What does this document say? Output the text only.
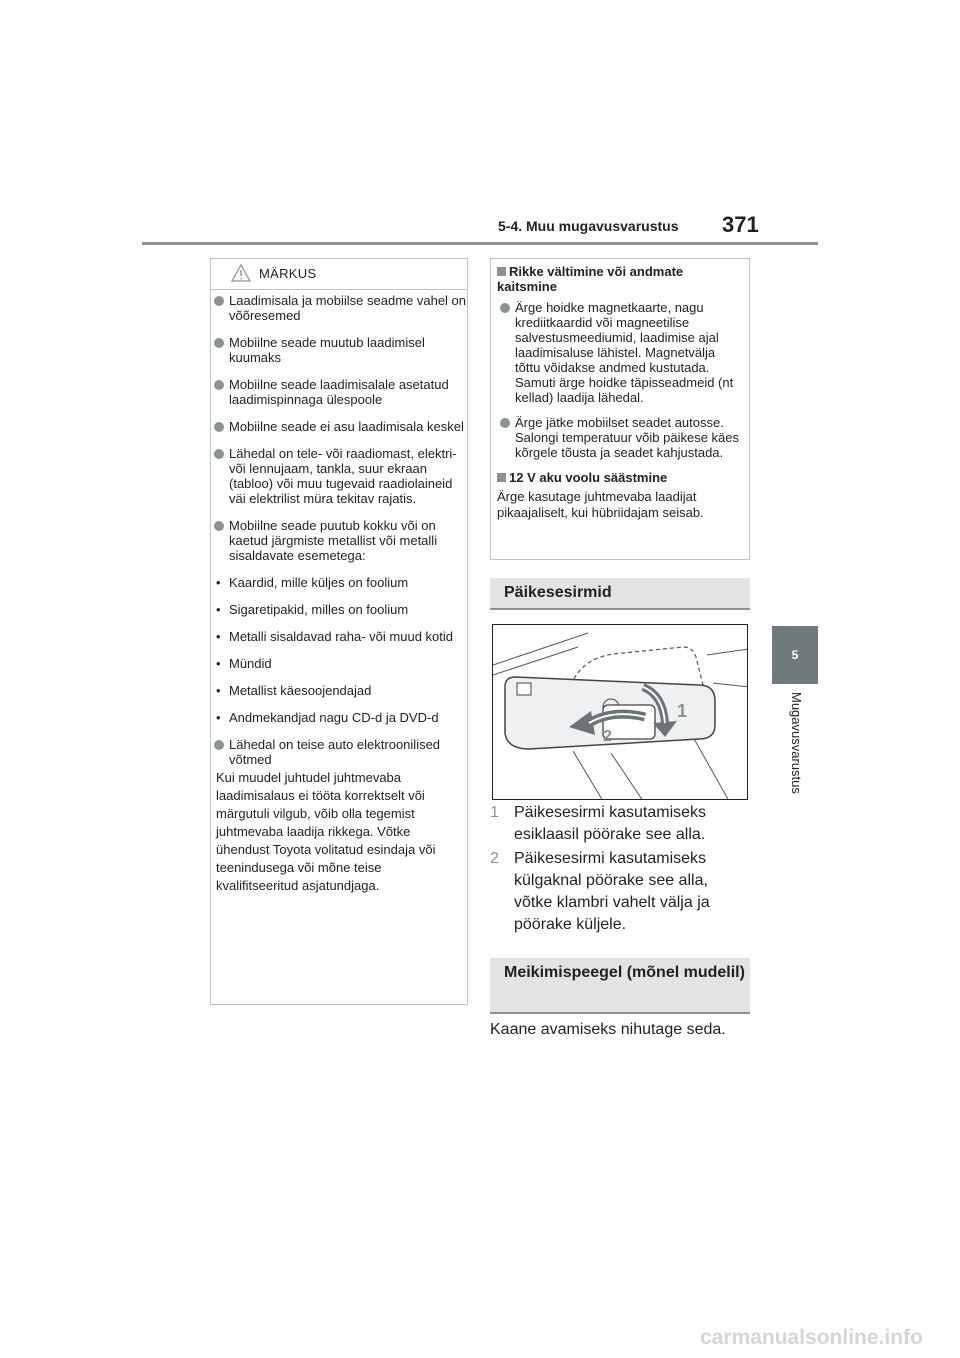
5-4. Muu mugavusvarustus 371
5
Mugavusvarustus
MÄRKUS
Laadimisala ja mobiilse seadme vahel on võõresemed
Mobiilne seade muutub laadimisel kuumaks
Mobiilne seade laadimisalale asetatud laadimispinnaga ülespoole
Mobiilne seade ei asu laadimisala keskel
Lähedal on tele- või raadiomast, elektri- või lennujaam, tankla, suur ekraan (tabloo) või muu tugevaid raadiolaineid väi elektrilist müra tekitav rajatis.
Mobiilne seade puutub kokku või on kaetud järgmiste metallist või metalli sisaldavate esemetega:
• Kaardid, mille küljes on foolium
• Sigaretipakid, milles on foolium
• Metalli sisaldavad raha- või muud kotid
• Mündid
• Metallist käesoojendajad
• Andmekandjad nagu CD-d ja DVD-d
Lähedal on teise auto elektroonilised võtmed
Kui muudel juhtudel juhtmevaba laadimisalaus ei tööta korrektselt või märgutuli vilgub, võib olla tegemist juhtmevaba laadija rikkega. Võtke ühendust Toyota volitatud esindaja või teenindusega või mõne teise kvalifitseeritud asjatundjaga.
Rikke vältimine või andmate kaitsmine
Ärge hoidke magnetkaarte, nagu krediitkaardid või magneetilise salvestusmeediumid, laadimise ajal laadimisaluse lähistel. Magnetvälja tõttu võidakse andmed kustutada. Samuti ärge hoidke täpisseadmeid (nt kellad) laadija lähedal.
Ärge jätke mobiilset seadet autosse. Salongi temperatuur võib päikese käes kõrgele tõusta ja seadet kahjustada.
12 V aku voolu säästmine
Ärge kasutage juhtmevaba laadijat pikaajaliselt, kui hübriidajam seisab.
Päikesesirmid
1
2
1 Päikesesirmi kasutamiseks esiklaasil pöörake see alla.
2 Päikesesirmi kasutamiseks külgaknal pöörake see alla, võtke klambri vahelt välja ja pöörake küljele.
Meikimispeegel (mõnel mudelil)
Kaane avamiseks nihutage seda.
carmanualsonline.info
